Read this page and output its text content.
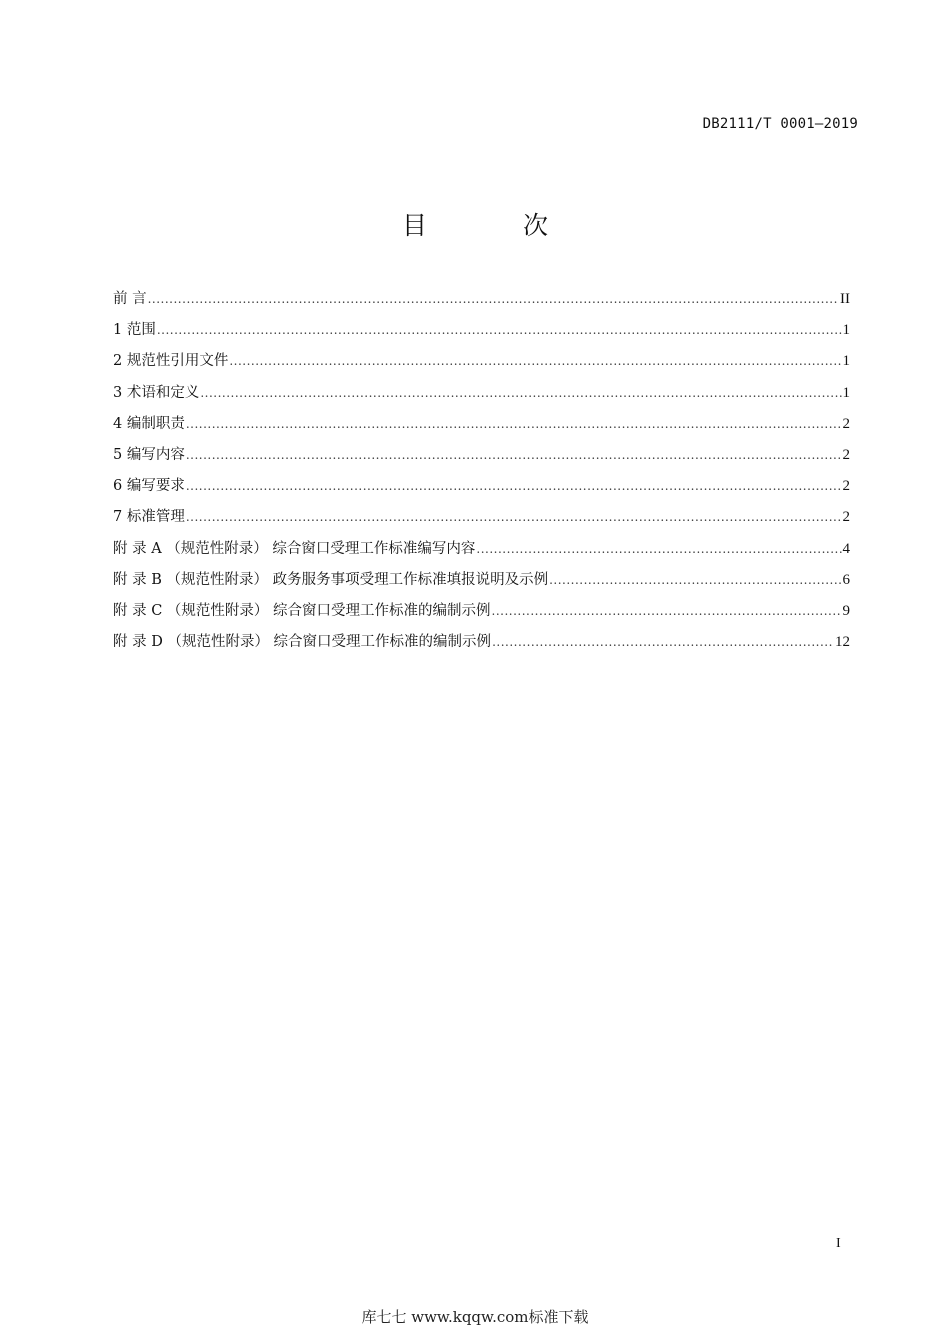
DB2111/T 0001—2019
目 次
前 言 .....	II
1 范围 .....	1
2 规范性引用文件 .....	1
3 术语和定义 .....	1
4 编制职责 .....	2
5 编写内容 .....	2
6 编写要求 .....	2
7 标准管理 .....	2
附 录 A （规范性附录） 综合窗口受理工作标准编写内容 .....	4
附 录 B （规范性附录） 政务服务事项受理工作标准填报说明及示例 .....	6
附 录 C （规范性附录） 综合窗口受理工作标准的编制示例 .....	9
附 录 D （规范性附录） 综合窗口受理工作标准的编制示例 .....	12
I
库七七 www.kqqw.com标准下载
